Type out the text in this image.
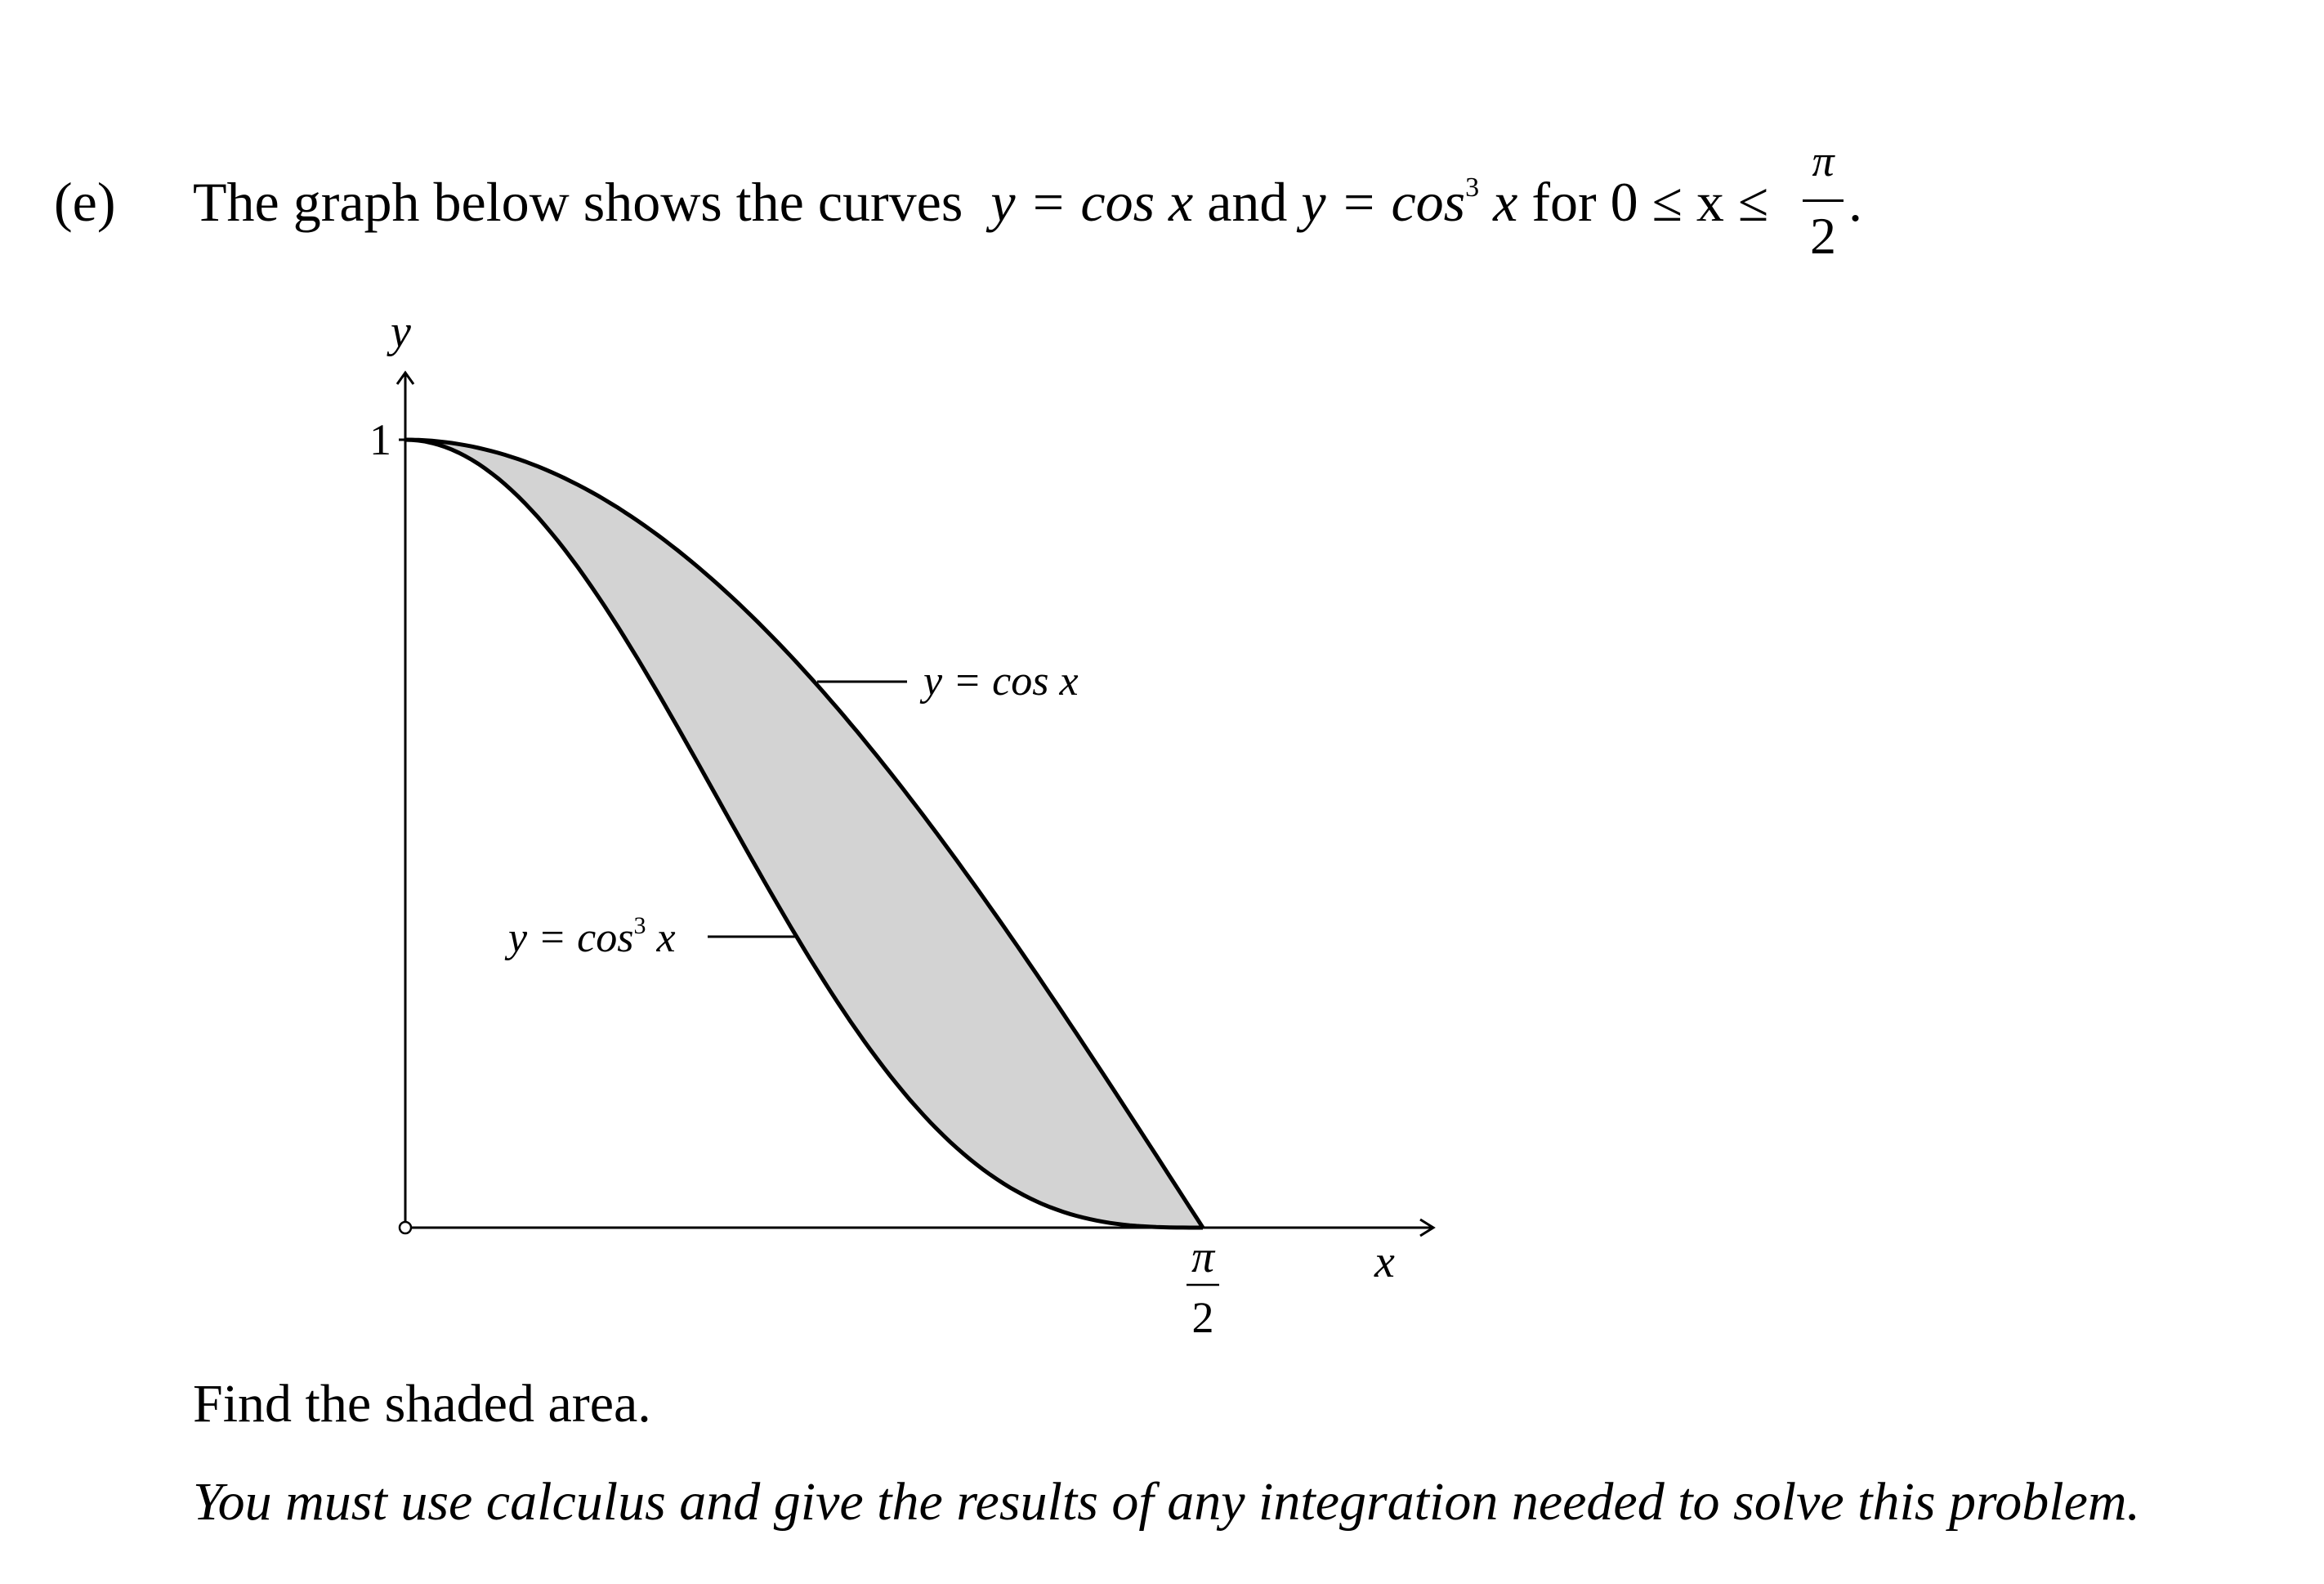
(e) The graph below shows the curves y = cos x and $y = \cos^3 x$ for 0 ≤ x ≤
π
2
.
y
x
1
π
2
y = cos x
$y = \cos^3 x$
Find the shaded area.
You must use calculus and give the results of any integration needed to solve this problem.
